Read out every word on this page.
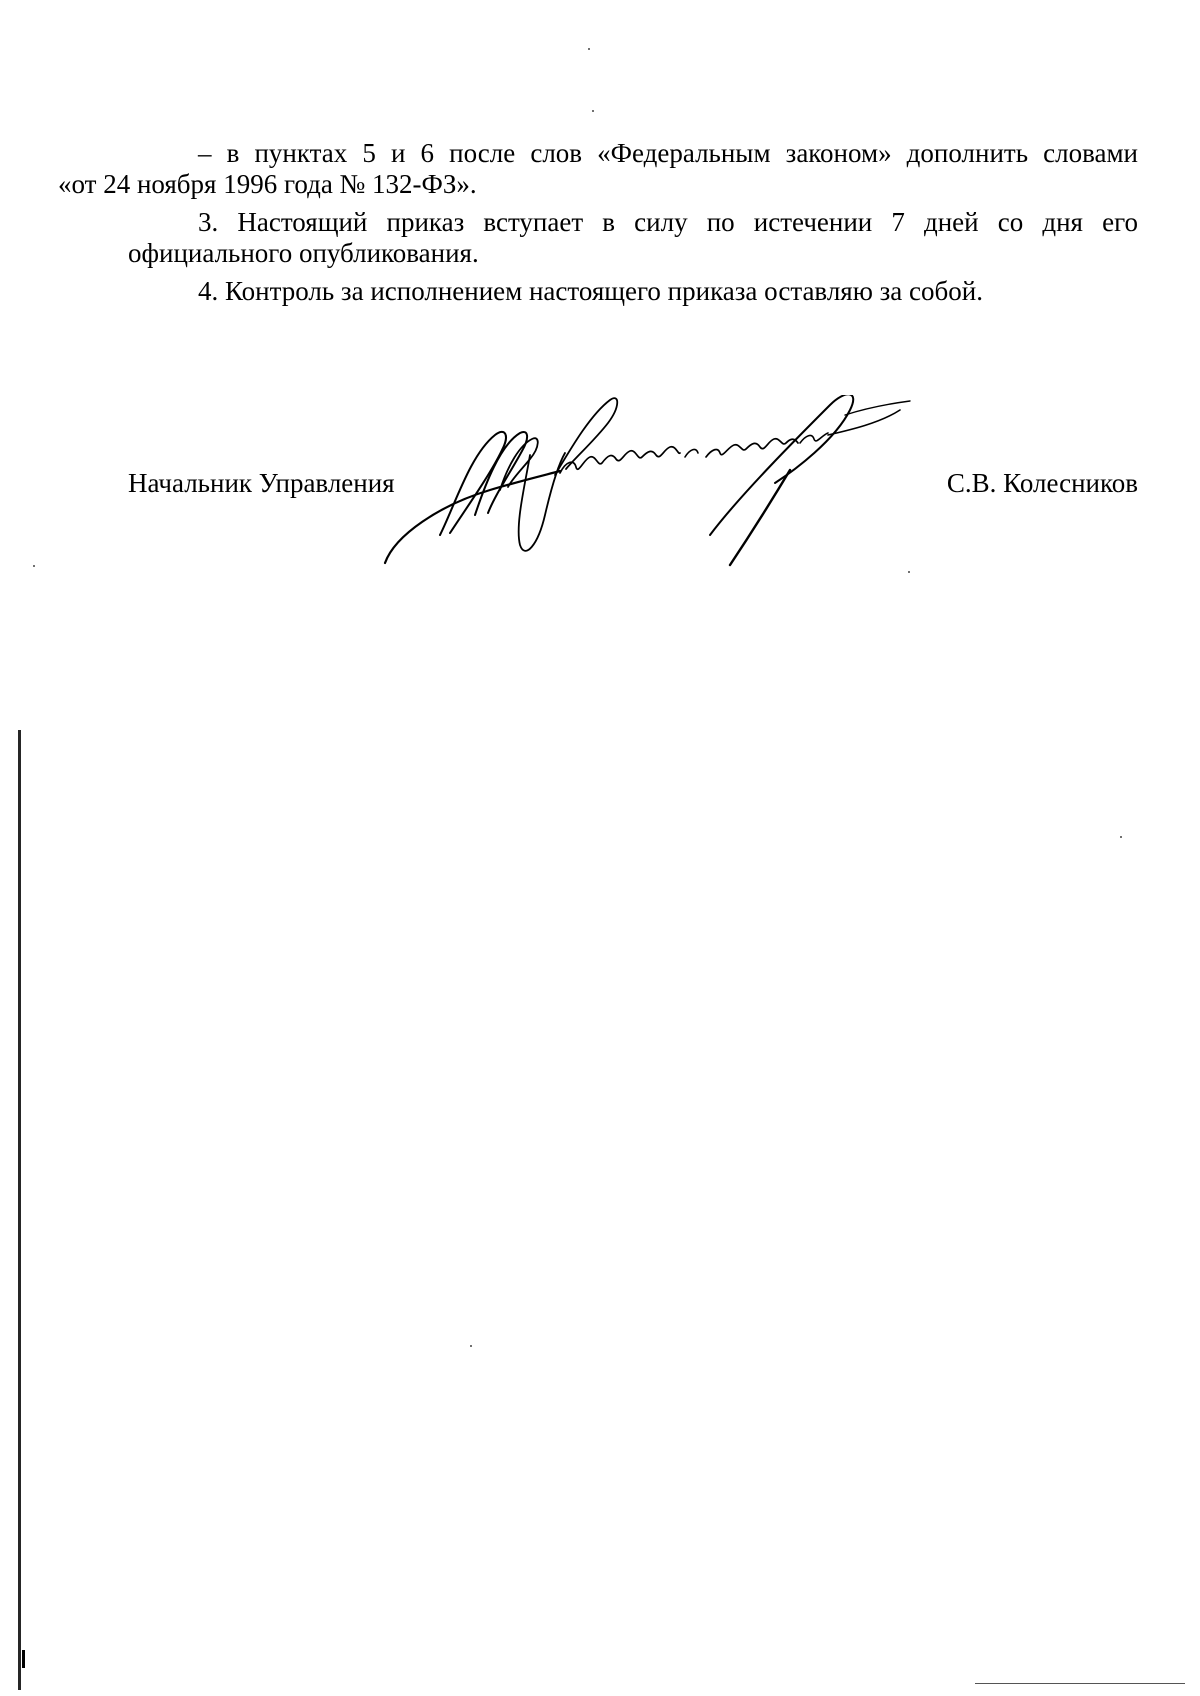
– в пунктах 5 и 6 после слов «Федеральным законом» дополнить словами
«от 24 ноября 1996 года № 132-ФЗ».

3. Настоящий приказ вступает в силу по истечении 7 дней со дня его
официального опубликования.

4. Контроль за исполнением настоящего приказа оставляю за собой.

Начальник Управления	С.В. Колесников
